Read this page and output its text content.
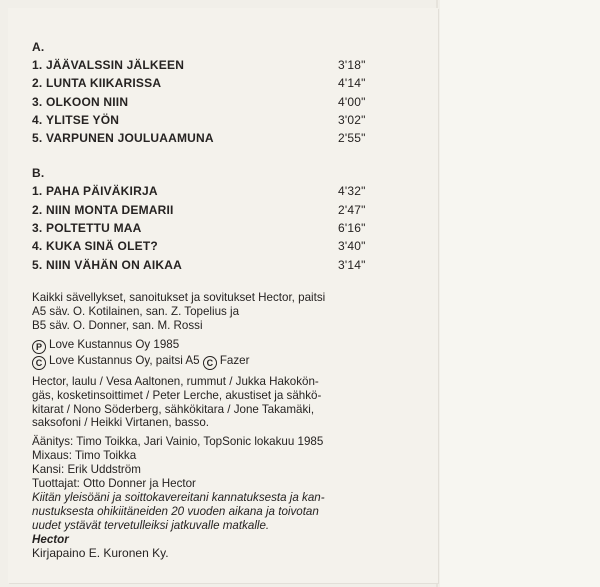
A.
1. JÄÄVALSSIN JÄLKEEN	3'18"
2. LUNTA KIIKARISSA	4'14"
3. OLKOON NIIN	4'00"
4. YLITSE YÖN	3'02"
5. VARPUNEN JOULUAAMUNA	2'55"
B.
1. PAHA PÄIVÄKIRJA	4'32"
2. NIIN MONTA DEMARII	2'47"
3. POLTETTU MAA	6'16"
4. KUKA SINÄ OLET?	3'40"
5. NIIN VÄHÄN ON AIKAA	3'14"

Kaikki sävellykset, sanoitukset ja sovitukset Hector, paitsi

A5 säv. O. Kotilainen, san. Z. Topelius ja

B5 säv. O. Donner, san. M. Rossi

P Love Kustannus Oy 1985

C Love Kustannus Oy, paitsi A5 C Fazer

Hector, laulu / Vesa Aaltonen, rummut / Jukka Hakokön-

gäs, kosketinsoittimet / Peter Lerche, akustiset ja sähkö-

kitarat / Nono Söderberg, sähkökitara / Jone Takamäki,

saksofoni / Heikki Virtanen, basso.

Äänitys: Timo Toikka, Jari Vainio, TopSonic lokakuu 1985

Mixaus: Timo Toikka

Kansi: Erik Uddström

Tuottajat: Otto Donner ja Hector

Kiitän yleisöäni ja soittokavereitani kannatuksesta ja kan-

nustuksesta ohikiitäneiden 20 vuoden aikana ja toivotan

uudet ystävät tervetulleiksi jatkuvalle matkalle.

Hector

Kirjapaino E. Kuronen Ky.
